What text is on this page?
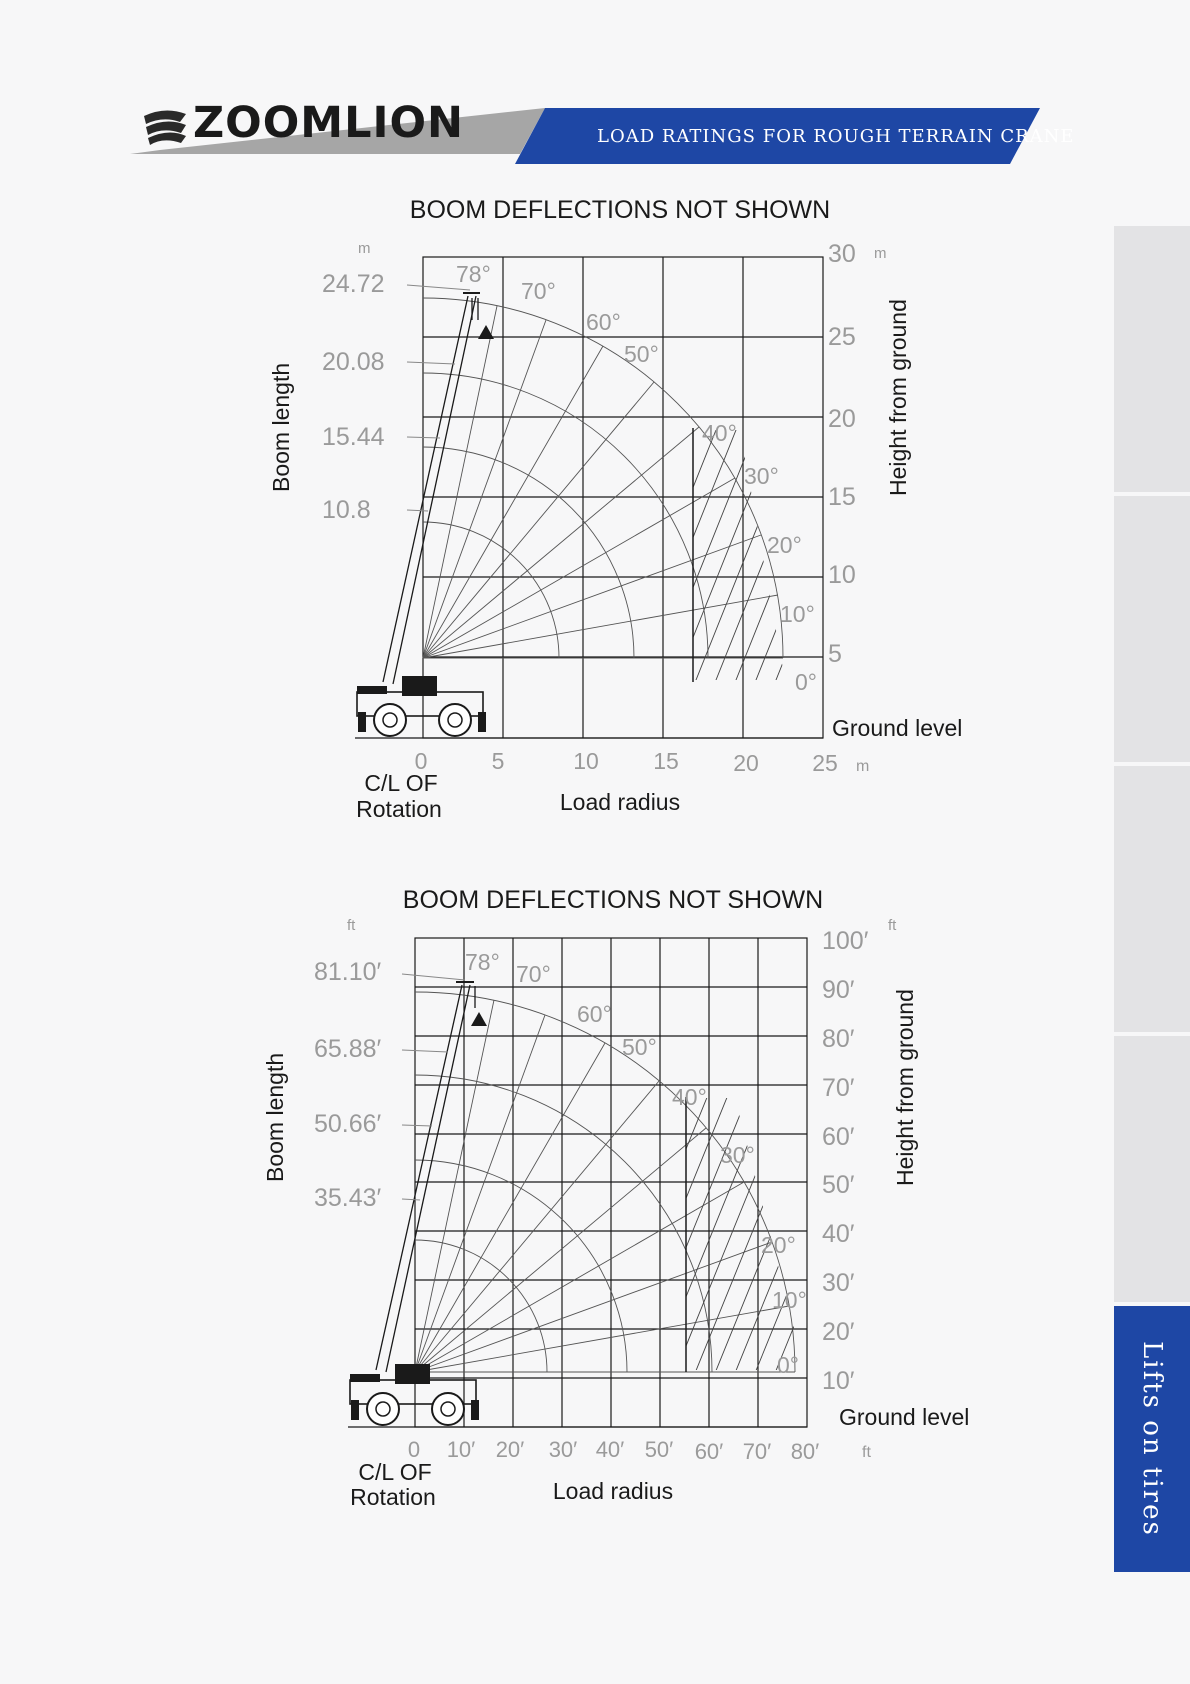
ZOOMLION	LOAD RATINGS FOR ROUGH TERRAIN CRANE
Lifts on tires
BOOM DEFLECTIONS NOT SHOWN
m
24.72
20.08
15.44
10.8
Boom length
30 m
25
20
15
10
5
Height from ground
Ground level
0	5	10 15 20 25 m
C/L OF
Rotation	Load radius
78°
70°
60°
50°
40°
30°
20°
10°
0°
BOOM DEFLECTIONS NOT SHOWN
ft
81.10′
65.88′
50.66′
35.43′
Boom length
100′
ft
90′
80′
70′
60′
50′
40′
30′
20′
10′
Height from ground
Ground level
0 10′ 20′ 30′ 40′ 50′ 60′ 70′ 80′	ft
C/L OF
Rotation	Load radius
78° 70°
60°
50°
40°
30°
20°
10°
0°
